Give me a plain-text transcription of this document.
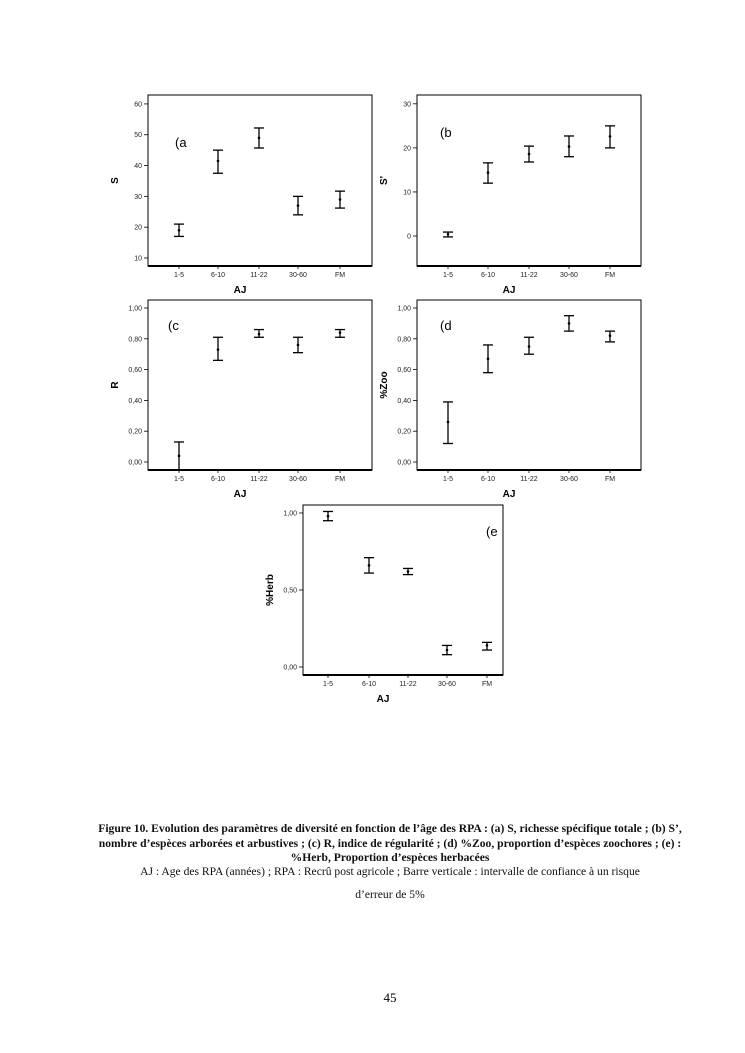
10
20
30
40
50
60
1-5	6-10	11-22	30-60	FM
AJ
S
(a
0
10
20
30
1-5	6-10	11-22	30-60	FM
AJ
S'
(b
0,00
0,20
0,40
0,60
0,80
1,00
1-5	6-10	11-22	30-60	FM
AJ
R
(c
0,00
0,20
0,40
0,60
0,80
1,00
1-5	6-10	11-22	30-60	FM
AJ
%Zoo
(d
0,00
0,50
1,00
1-5	6-10	11-22	30-60	FM
AJ
%Herb
(e
Figure 10. Evolution des paramètres de diversité en fonction de l’âge des RPA : (a) S, richesse spécifique totale ; (b) S’, nombre d’espèces arborées et arbustives ; (c) R, indice de régularité ; (d) %Zoo, proportion d’espèces zoochores ; (e) : %Herb, Proportion d’espèces herbacées
AJ : Age des RPA (années) ; RPA : Recrû post agricole ; Barre verticale : intervalle de confiance à un risque
d’erreur de 5%
45
